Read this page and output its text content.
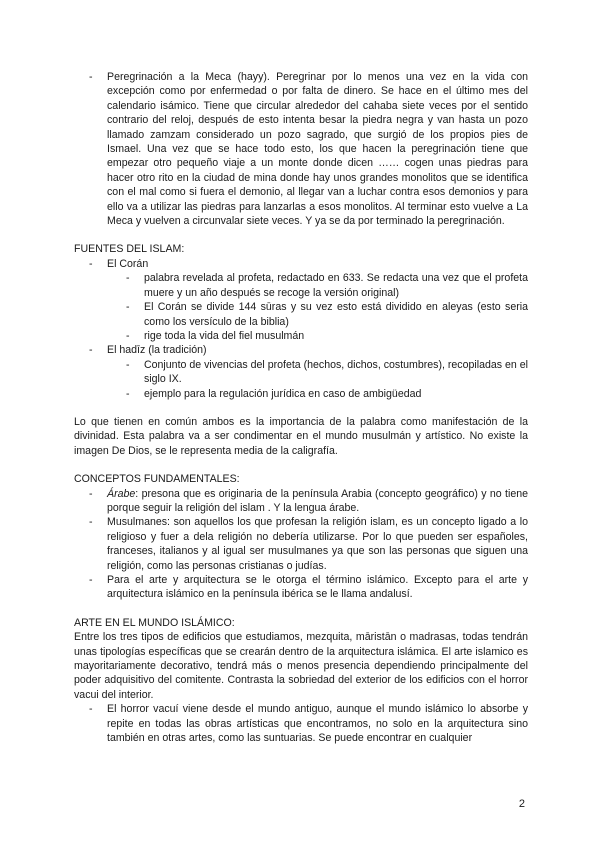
- Peregrinación a la Meca (hayy). Peregrinar por lo menos una vez en la vida con excepción como por enfermedad o por falta de dinero. Se hace en el último mes del calendario isámico. Tiene que circular alrededor del cahaba siete veces por el sentido contrario del reloj, después de esto intenta besar la piedra negra y van hasta un pozo llamado zamzam considerado un pozo sagrado, que surgió de los propios pies de Ismael. Una vez que se hace todo esto, los que hacen la peregrinación tiene que empezar otro pequeño viaje a un monte donde dicen …… cogen unas piedras para hacer otro rito en la ciudad de mina donde hay unos grandes monolitos que se identifica con el mal como si fuera el demonio, al llegar van a luchar contra esos demonios y para ello va a utilizar las piedras para lanzarlas a esos monolitos. Al terminar esto vuelve a La Meca y vuelven a circunvalar siete veces. Y ya se da por terminado la peregrinación.
FUENTES DEL ISLAM:
- El Corán
- palabra revelada al profeta, redactado en 633. Se redacta una vez que el profeta muere y un año después se recoge la versión original)
- El Corán se divide 144 sūras y su vez esto está dividido en aleyas (esto seria como los versículo de la biblia)
- rige toda la vida del fiel musulmán
- El hadīz (la tradición)
- Conjunto de vivencias del profeta (hechos, dichos, costumbres), recopiladas en el siglo IX.
- ejemplo para la regulación jurídica en caso de ambigüedad

Lo que tienen en común ambos es la importancia de la palabra como manifestación de la divinidad. Esta palabra va a ser condimentar en el mundo musulmán y artístico. No existe la imagen De Dios, se le representa media de la caligrafía.

CONCEPTOS FUNDAMENTALES:
- Árabe: presona que es originaria de la península Arabia (concepto geográfico) y no tiene porque seguir la religión del islam . Y la lengua árabe.
- Musulmanes: son aquellos los que profesan la religión islam, es un concepto ligado a lo religioso y fuer a dela religión no debería utilizarse. Por lo que pueden ser españoles, franceses, italianos y al igual ser musulmanes ya que son las personas que siguen una religión, como las personas cristianas o judías.
- Para el arte y arquitectura se le otorga el término islámico. Excepto para el arte y arquitectura islámico en la península ibérica se le llama andalusí.
ARTE EN EL MUNDO ISLÁMICO:

Entre los tres tipos de edificios que estudiamos, mezquita, māristān o madrasas, todas tendrán unas tipologías específicas que se crearán dentro de la arquitectura islámica. El arte islamico es mayoritariamente decorativo, tendrá más o menos presencia dependiendo principalmente del poder adquisitivo del comitente. Contrasta la sobriedad del exterior de los edificios con el horror vacui del interior.

- El horror vacuí viene desde el mundo antiguo, aunque el mundo islámico lo absorbe y repite en todas las obras artísticas que encontramos, no solo en la arquitectura sino también en otras artes, como las suntuarias. Se puede encontrar en cualquier
2
